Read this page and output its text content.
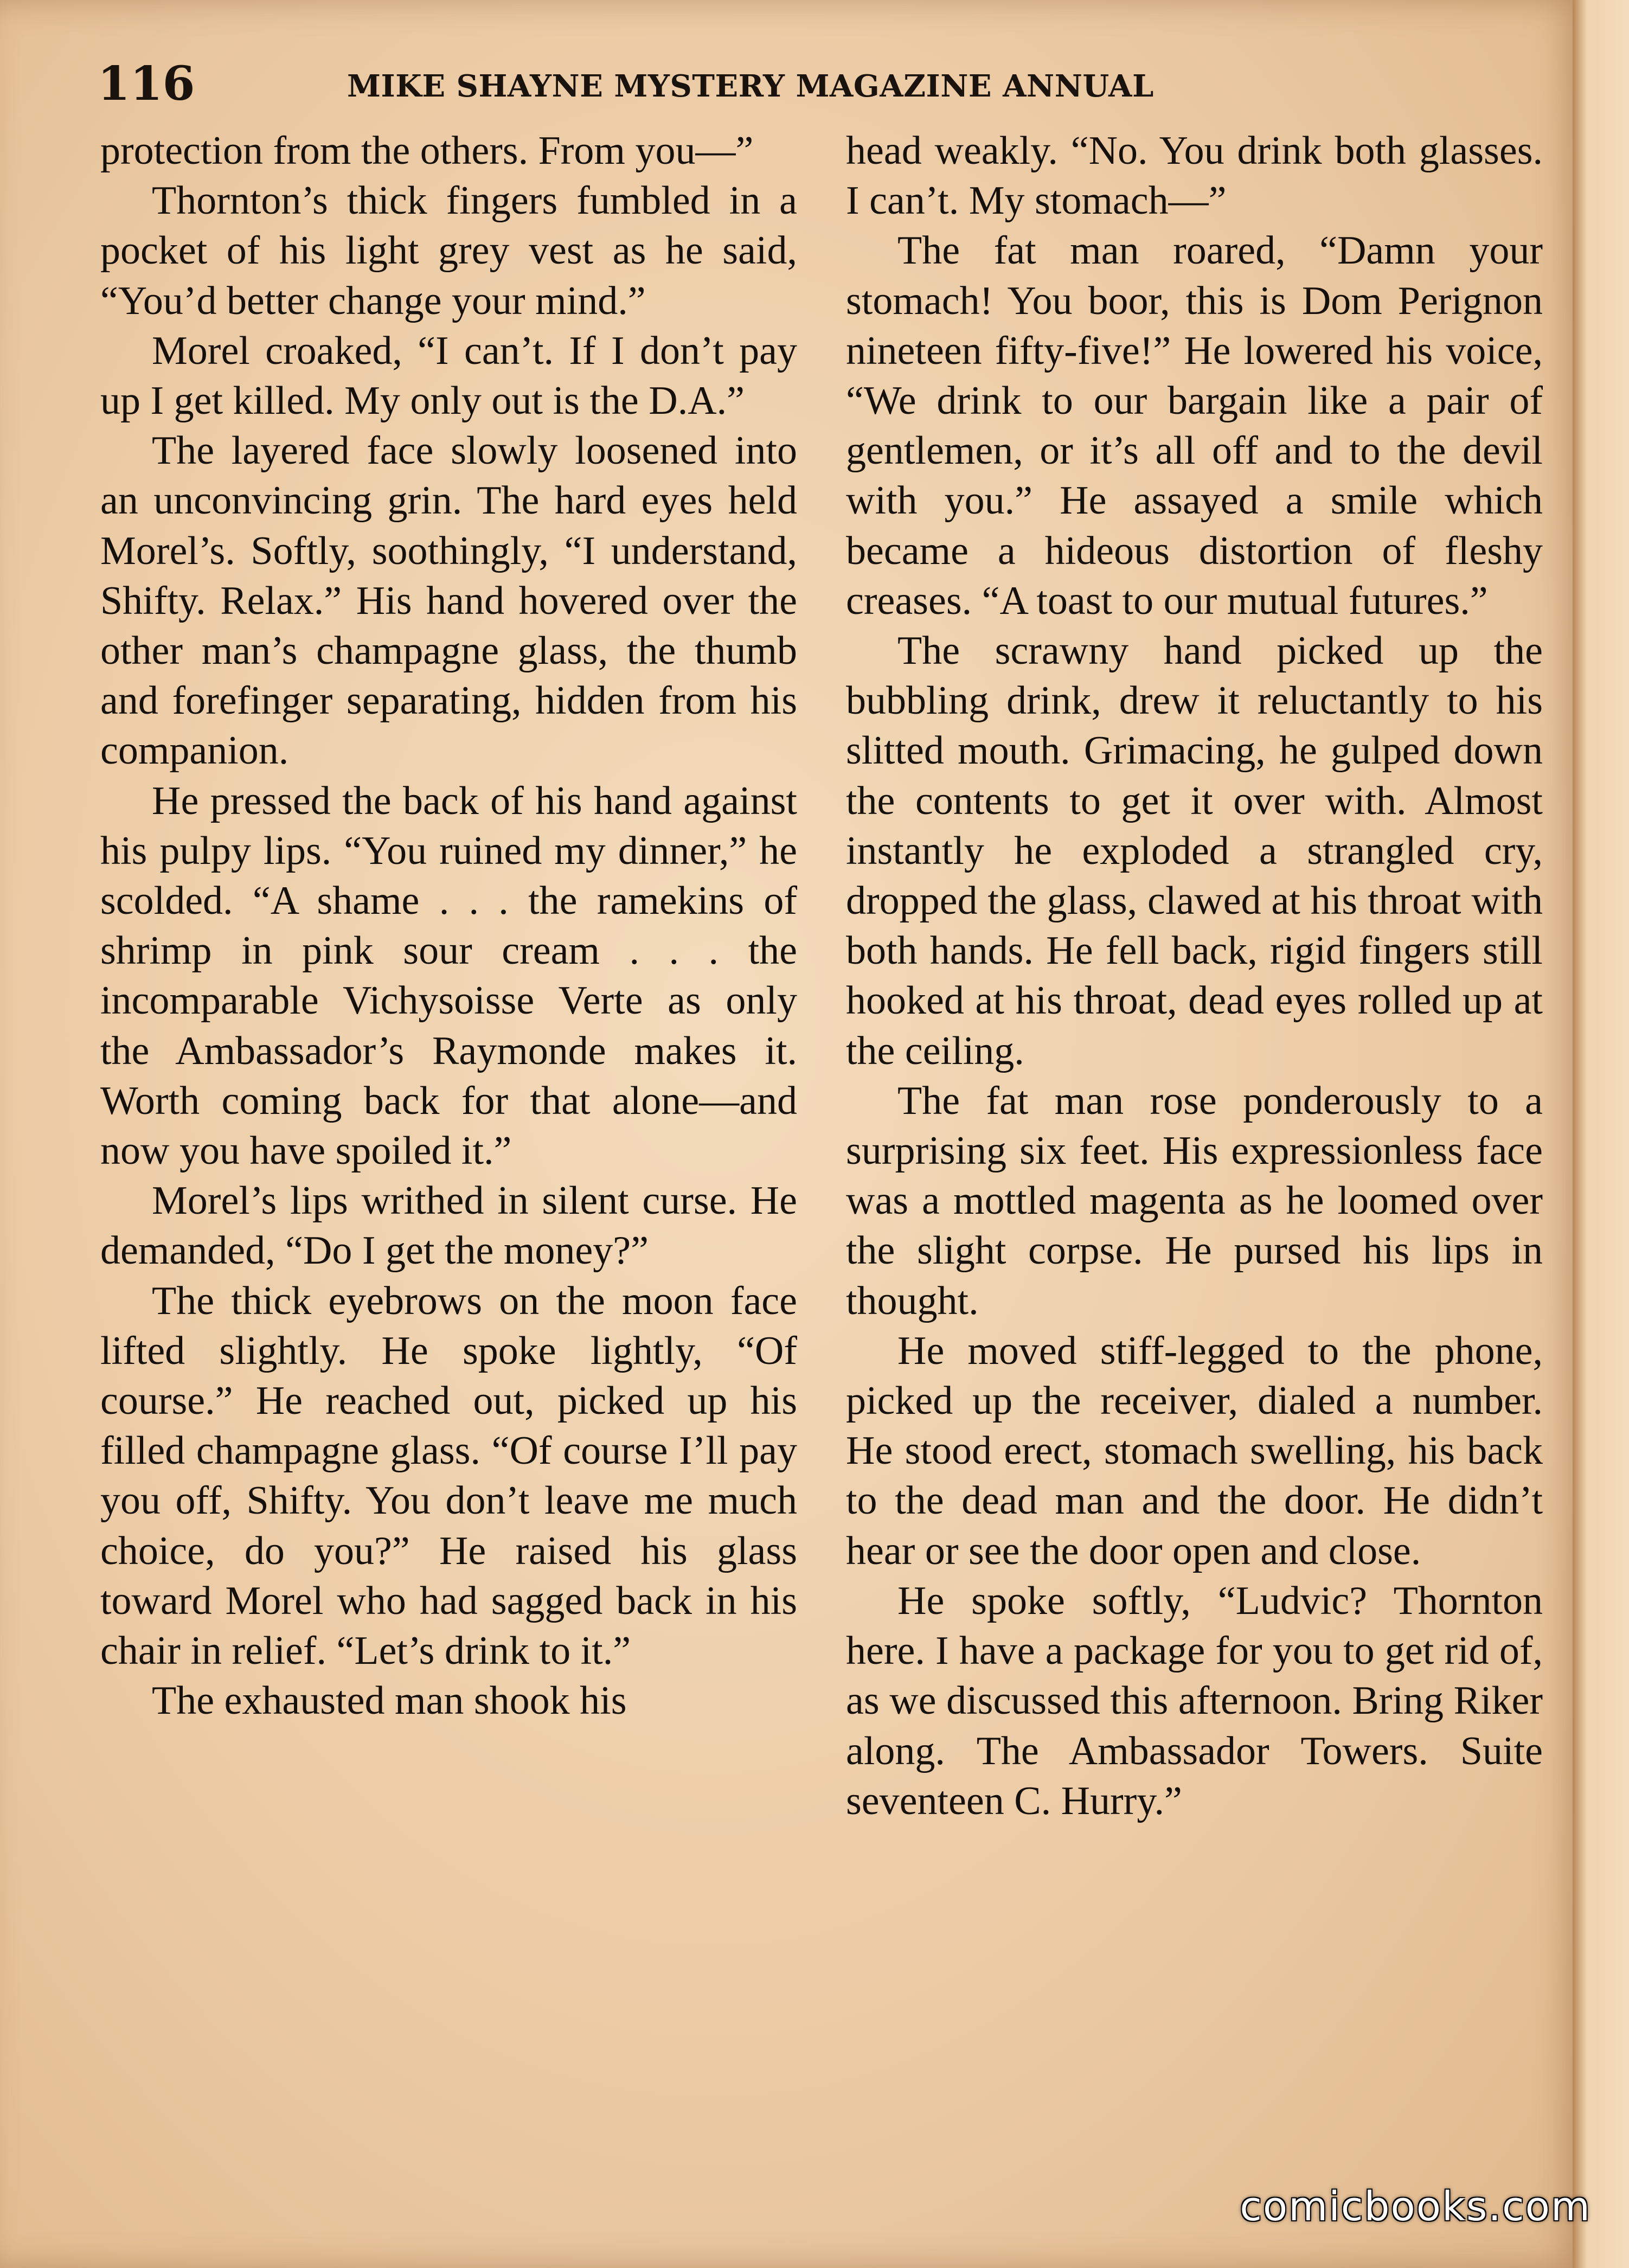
116	MIKE SHAYNE MYSTERY MAGAZINE ANNUAL

protection from the others. From you—”

Thornton’s thick fingers fumbled in a pocket of his light grey vest as he said, “You’d better change your mind.”

Morel croaked, “I can’t. If I don’t pay up I get killed. My only out is the D.A.”

The layered face slowly loosened into an unconvincing grin. The hard eyes held Morel’s. Softly, soothingly, “I understand, Shifty. Relax.” His hand hovered over the other man’s champagne glass, the thumb and forefinger separating, hidden from his companion.

He pressed the back of his hand against his pulpy lips. “You ruined my dinner,” he scolded. “A shame . . . the ramekins of shrimp in pink sour cream . . . the incomparable Vichysoisse Verte as only the Ambassador’s Raymonde makes it. Worth coming back for that alone—and now you have spoiled it.”

Morel’s lips writhed in silent curse. He demanded, “Do I get the money?”

The thick eyebrows on the moon face lifted slightly. He spoke lightly, “Of course.” He reached out, picked up his filled champagne glass. “Of course I’ll pay you off, Shifty. You don’t leave me much choice, do you?” He raised his glass toward Morel who had sagged back in his chair in relief. “Let’s drink to it.”

The exhausted man shook his

head weakly. “No. You drink both glasses. I can’t. My stomach—”

The fat man roared, “Damn your stomach! You boor, this is Dom Perignon nineteen fifty-five!” He lowered his voice, “We drink to our bargain like a pair of gentlemen, or it’s all off and to the devil with you.” He assayed a smile which became a hideous distortion of fleshy creases. “A toast to our mutual futures.”

The scrawny hand picked up the bubbling drink, drew it reluctantly to his slitted mouth. Grimacing, he gulped down the contents to get it over with. Almost instantly he exploded a strangled cry, dropped the glass, clawed at his throat with both hands. He fell back, rigid fingers still hooked at his throat, dead eyes rolled up at the ceiling.

The fat man rose ponderously to a surprising six feet. His expressionless face was a mottled magenta as he loomed over the slight corpse. He pursed his lips in thought.

He moved stiff-legged to the phone, picked up the receiver, dialed a number. He stood erect, stomach swelling, his back to the dead man and the door. He didn’t hear or see the door open and close.

He spoke softly, “Ludvic? Thornton here. I have a package for you to get rid of, as we discussed this afternoon. Bring Riker along. The Ambassador Towers. Suite seventeen C. Hurry.”

comicbooks.com
